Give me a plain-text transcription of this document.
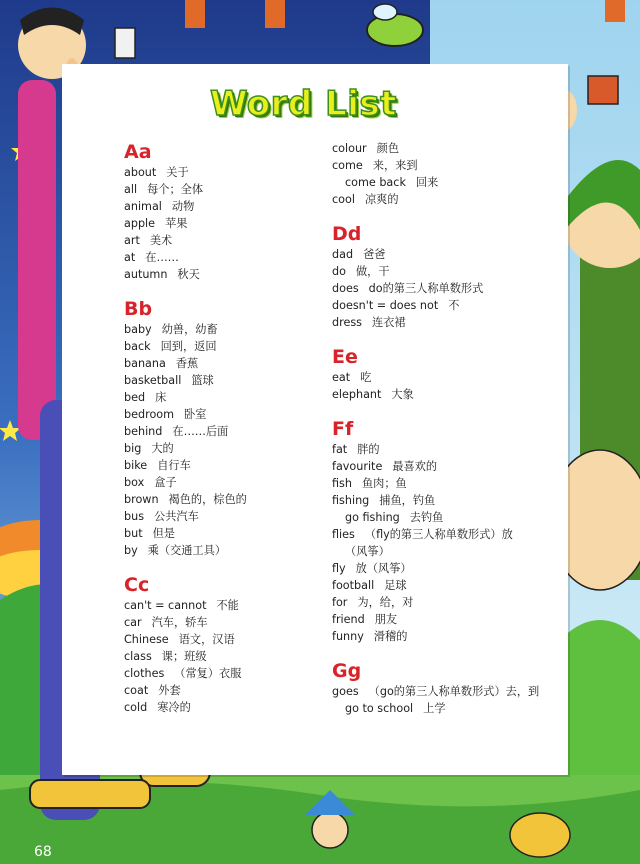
Word List
Aa
about 关于
all 每个；全体
animal 动物
apple 苹果
art 美术
at 在……
autumn 秋天
Bb
baby 幼兽，幼畜
back 回到，返回
banana 香蕉
basketball 篮球
bed 床
bedroom 卧室
behind 在……后面
big 大的
bike 自行车
box 盒子
brown 褐色的，棕色的
bus 公共汽车
but 但是
by 乘（交通工具）
Cc
can't = cannot 不能
car 汽车，轿车
Chinese 语文，汉语
class 课；班级
clothes （常复）衣服
coat 外套
cold 寒冷的
colour 颜色
come 来，来到
come back 回来
cool 凉爽的
Dd
dad 爸爸
do 做，干
does do的第三人称单数形式
doesn't = does not 不
dress 连衣裙
Ee
eat 吃
elephant 大象
Ff
fat 胖的
favourite 最喜欢的
fish 鱼肉；鱼
fishing 捕鱼，钓鱼
go fishing 去钓鱼
flies （fly的第三人称单数形式）放
（风筝）
fly 放（风筝）
football 足球
for 为，给，对
friend 朋友
funny 滑稽的
Gg
goes （go的第三人称单数形式）去，到
go to school 上学
68
